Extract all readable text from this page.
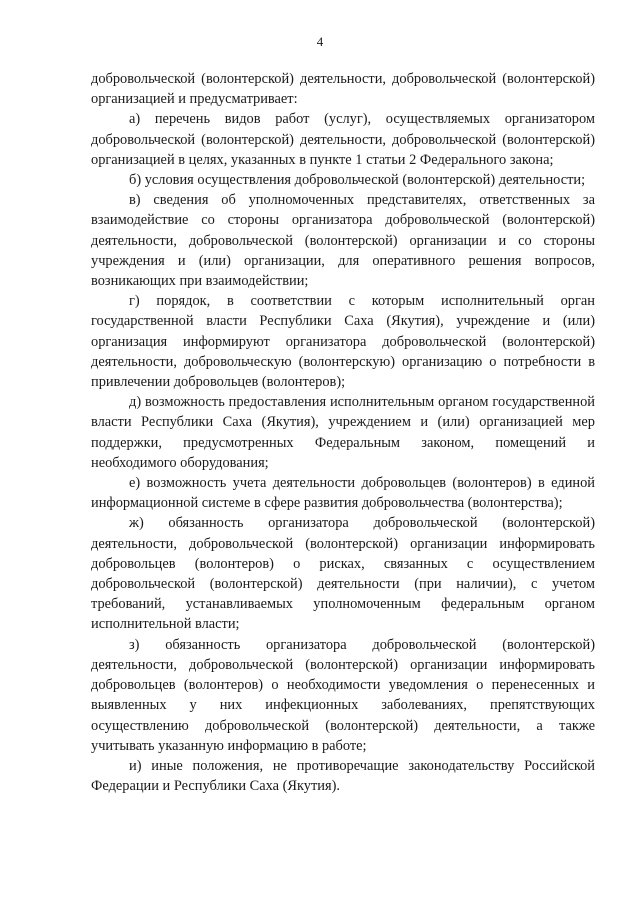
4

добровольческой (волонтерской) деятельности, добровольческой (волонтерской) организацией и предусматривает:

а) перечень видов работ (услуг), осуществляемых организатором добровольческой (волонтерской) деятельности, добровольческой (волонтерской) организацией в целях, указанных в пункте 1 статьи 2 Федерального закона;

б) условия осуществления добровольческой (волонтерской) деятельности;

в) сведения об уполномоченных представителях, ответственных за взаимодействие со стороны организатора добровольческой (волонтерской) деятельности, добровольческой (волонтерской) организации и со стороны учреждения и (или) организации, для оперативного решения вопросов, возникающих при взаимодействии;

г) порядок, в соответствии с которым исполнительный орган государственной власти Республики Саха (Якутия), учреждение и (или) организация информируют организатора добровольческой (волонтерской) деятельности, добровольческую (волонтерскую) организацию о потребности в привлечении добровольцев (волонтеров);

д) возможность предоставления исполнительным органом государственной власти Республики Саха (Якутия), учреждением и (или) организацией мер поддержки, предусмотренных Федеральным законом, помещений и необходимого оборудования;

е) возможность учета деятельности добровольцев (волонтеров) в единой информационной системе в сфере развития добровольчества (волонтерства);

ж) обязанность организатора добровольческой (волонтерской) деятельности, добровольческой (волонтерской) организации информировать добровольцев (волонтеров) о рисках, связанных с осуществлением добровольческой (волонтерской) деятельности (при наличии), с учетом требований, устанавливаемых уполномоченным федеральным органом исполнительной власти;

з) обязанность организатора добровольческой (волонтерской) деятельности, добровольческой (волонтерской) организации информировать добровольцев (волонтеров) о необходимости уведомления о перенесенных и выявленных у них инфекционных заболеваниях, препятствующих осуществлению добровольческой (волонтерской) деятельности, а также учитывать указанную информацию в работе;

и) иные положения, не противоречащие законодательству Российской Федерации и Республики Саха (Якутия).
